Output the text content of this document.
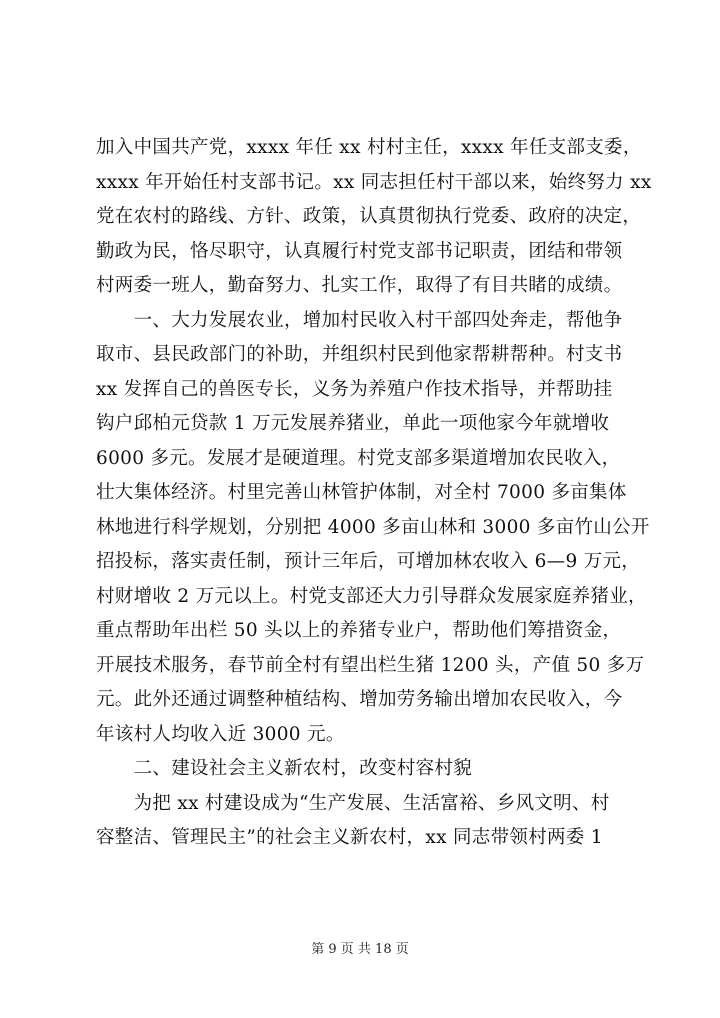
加入中国共产党，xxxx 年任 xx 村村主任，xxxx 年任支部支委，
xxxx 年开始任村支部书记。xx 同志担任村干部以来，始终努力 xx
党在农村的路线、方针、政策，认真贯彻执行党委、政府的决定，
勤政为民，恪尽职守，认真履行村党支部书记职责，团结和带领
村两委一班人，勤奋努力、扎实工作，取得了有目共睹的成绩。
　　一、大力发展农业，增加村民收入村干部四处奔走，帮他争
取市、县民政部门的补助，并组织村民到他家帮耕帮种。村支书
xx 发挥自己的兽医专长，义务为养殖户作技术指导，并帮助挂
钩户邱柏元贷款 1 万元发展养猪业，单此一项他家今年就增收
6000 多元。发展才是硬道理。村党支部多渠道增加农民收入，
壮大集体经济。村里完善山林管护体制，对全村 7000 多亩集体
林地进行科学规划，分别把 4000 多亩山林和 3000 多亩竹山公开
招投标，落实责任制，预计三年后，可增加林农收入 6—9 万元，
村财增收 2 万元以上。村党支部还大力引导群众发展家庭养猪业，
重点帮助年出栏 50 头以上的养猪专业户，帮助他们筹措资金，
开展技术服务，春节前全村有望出栏生猪 1200 头，产值 50 多万
元。此外还通过调整种植结构、增加劳务输出增加农民收入，今
年该村人均收入近 3000 元。
　　二、建设社会主义新农村，改变村容村貌
　　为把 xx 村建设成为“生产发展、生活富裕、乡风文明、村
容整洁、管理民主”的社会主义新农村，xx 同志带领村两委 1
第 9 页 共 18 页
